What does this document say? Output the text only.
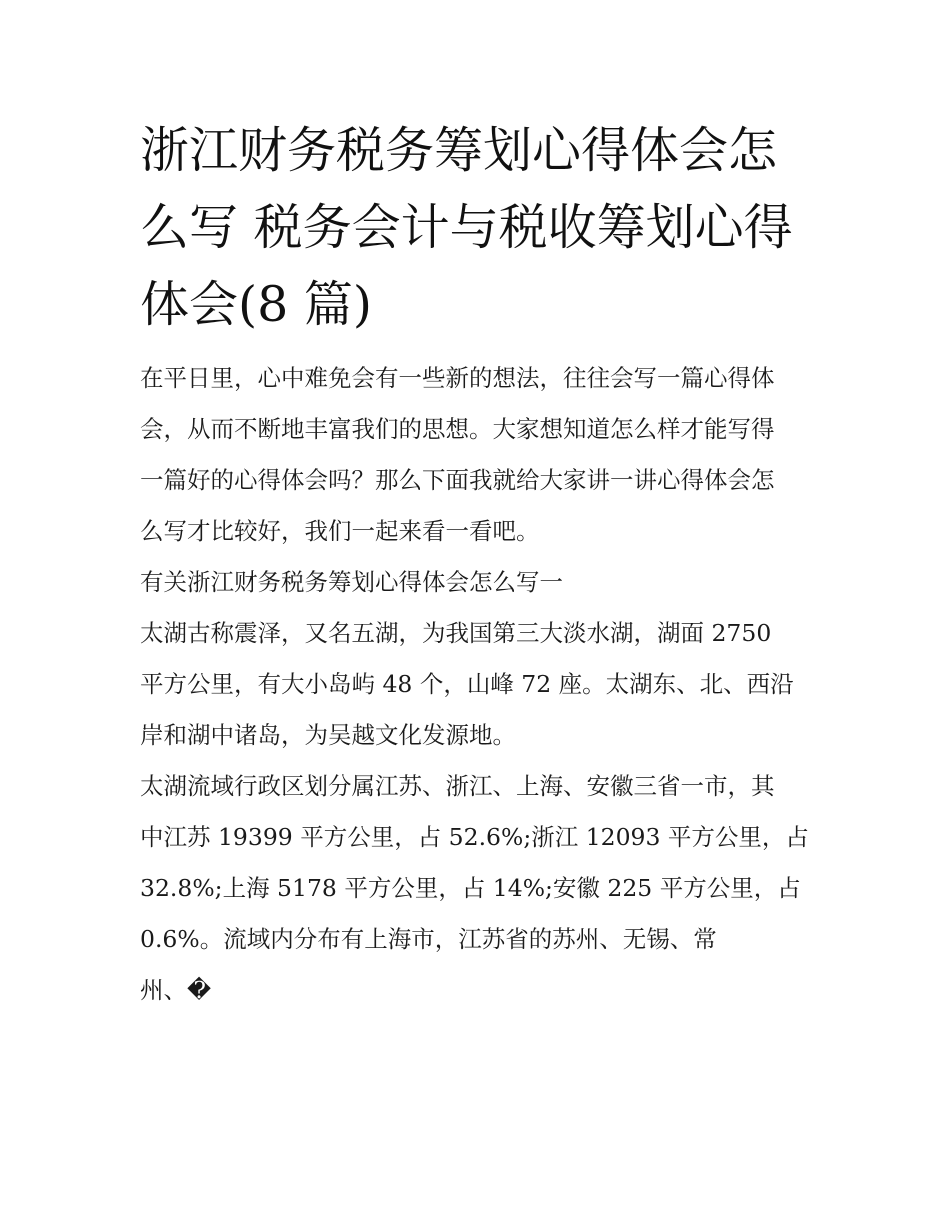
浙江财务税务筹划心得体会怎
么写 税务会计与税收筹划心得
体会(8 篇)

在平日里，心中难免会有一些新的想法，往往会写一篇心得体
会，从而不断地丰富我们的思想。大家想知道怎么样才能写得
一篇好的心得体会吗？那么下面我就给大家讲一讲心得体会怎
么写才比较好，我们一起来看一看吧。

有关浙江财务税务筹划心得体会怎么写一

太湖古称震泽，又名五湖，为我国第三大淡水湖，湖面 2750
平方公里，有大小岛屿 48 个，山峰 72 座。太湖东、北、西沿
岸和湖中诸岛，为吴越文化发源地。

太湖流域行政区划分属江苏、浙江、上海、安徽三省一市，其
中江苏 19399 平方公里，占 52.6%;浙江 12093 平方公里，占
32.8%;上海 5178 平方公里，占 14%;安徽 225 平方公里，占
0.6%。流域内分布有上海市，江苏省的苏州、无锡、常
州、�
